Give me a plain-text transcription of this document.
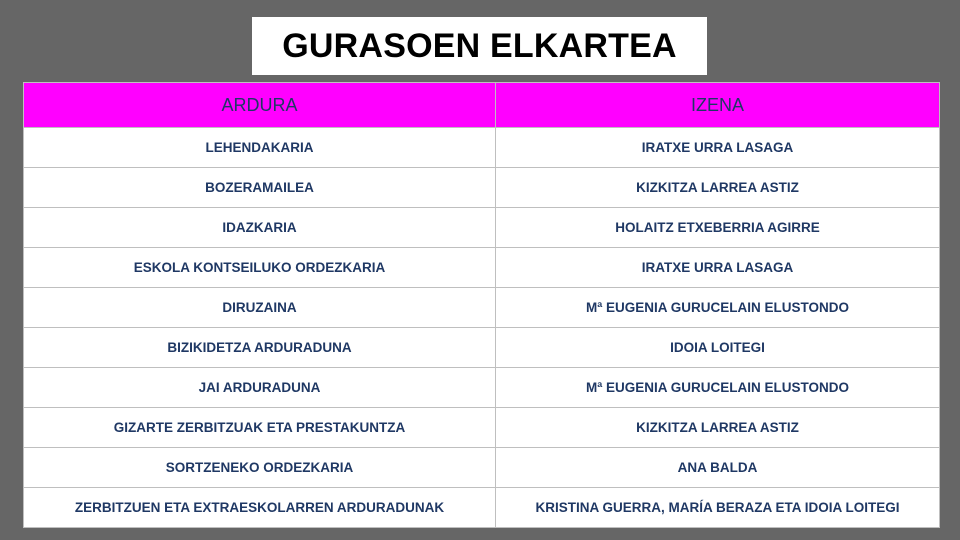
GURASOEN ELKARTEA
ARDURA	IZENA
LEHENDAKARIA	IRATXE URRA LASAGA
BOZERAMAILEA	KIZKITZA LARREA ASTIZ
IDAZKARIA	HOLAITZ ETXEBERRIA AGIRRE
ESKOLA KONTSEILUKO ORDEZKARIA	IRATXE URRA LASAGA
DIRUZAINA	Mª EUGENIA GURUCELAIN ELUSTONDO
BIZIKIDETZA ARDURADUNA	IDOIA LOITEGI
JAI ARDURADUNA	Mª EUGENIA GURUCELAIN ELUSTONDO
GIZARTE ZERBITZUAK ETA PRESTAKUNTZA	KIZKITZA LARREA ASTIZ
SORTZENEKO ORDEZKARIA	ANA BALDA
ZERBITZUEN ETA EXTRAESKOLARREN ARDURADUNAK	KRISTINA GUERRA, MARÍA BERAZA ETA IDOIA LOITEGI
